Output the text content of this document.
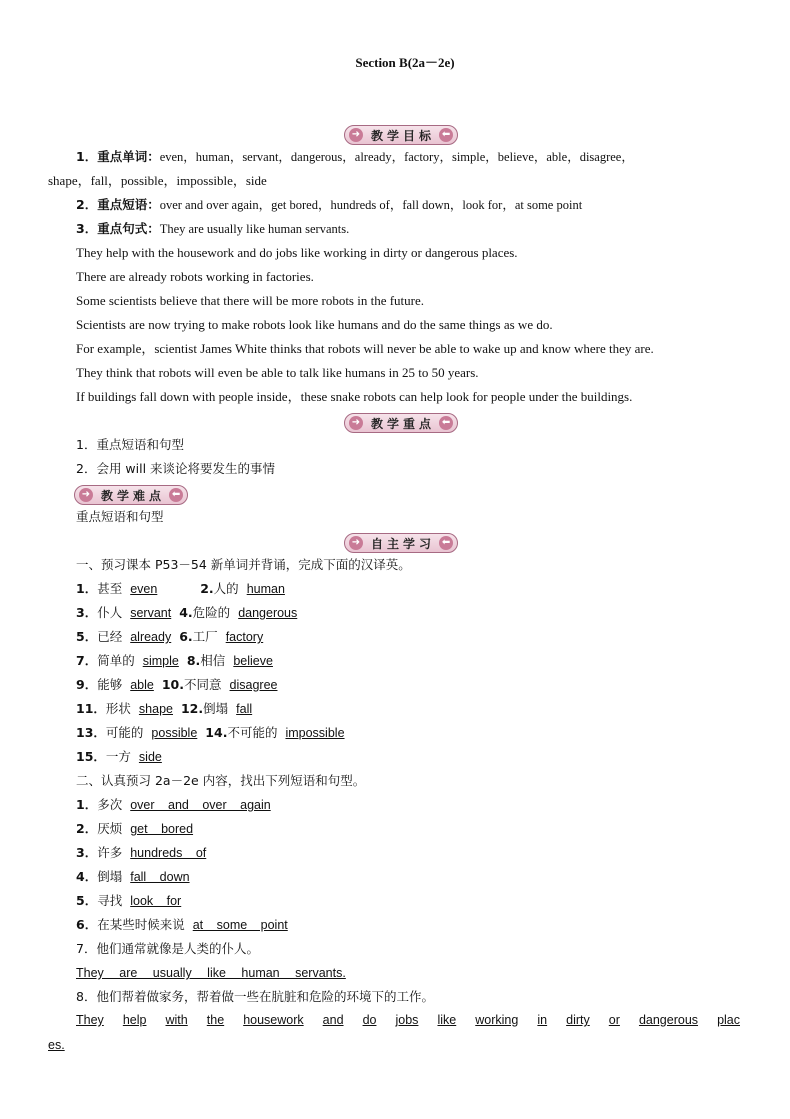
Section B(2a－2e)
➜ 教学目标 ⬅
1．重点单词：even，human，servant，dangerous，already，factory，simple，believe，able，disagree，
shape，fall，possible，impossible，side
2．重点短语：over and over again，get bored，hundreds of，fall down，look for，at some point
3．重点句式：They are usually like human servants.
They help with the housework and do jobs like working in dirty or dangerous places.
There are already robots working in factories.
Some scientists believe that there will be more robots in the future.
Scientists are now trying to make robots look like humans and do the same things as we do.
For example，scientist James White thinks that robots will never be able to wake up and know where they are.
They think that robots will even be able to talk like humans in 25 to 50 years.
If buildings fall down with people inside，these snake robots can help look for people under the buildings.
➜ 教学重点 ⬅
1．重点短语和句型
2．会用 will 来谈论将要发生的事情
➜ 教学难点 ⬅
重点短语和句型
➜ 自主学习 ⬅
一、预习课本 P53－54 新单词并背诵，完成下面的汉译英。
1．甚至 even	2.人的 human
3．仆人 servant 4.危险的 dangerous
5．已经 already 6.工厂 factory
7．简单的 simple 8.相信 believe
9．能够 able 10.不同意 disagree
11．形状 shape 12.倒塌 fall
13．可能的 possible 14.不可能的 impossible
15．一方 side
二、认真预习 2a－2e 内容，找出下列短语和句型。
1．多次 over and over again
2．厌烦 get bored
3．许多 hundreds of
4．倒塌 fall down
5．寻找 look for
6．在某些时候来说 at some point
7．他们通常就像是人类的仆人。
They are usually like human servants.
8．他们帮着做家务，帮着做一些在肮脏和危险的环境下的工作。
They help with the housework and do jobs like working in dirty or dangerous plac
es.
